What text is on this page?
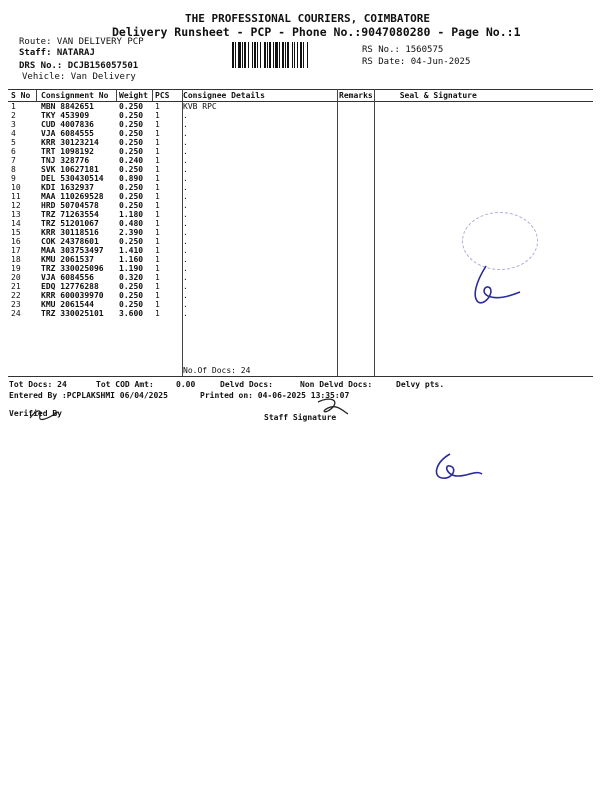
THE PROFESSIONAL COURIERS, COIMBATORE
Delivery Runsheet - PCP - Phone No.:9047080280 - Page No.:1
Route: VAN DELIVERY PCP
Staff: NATARAJ
DRS No.: DCJB156057501
Vehicle: Van Delivery
RS No.: 1560575
RS Date: 04-Jun-2025
S No	Consignment No	Weight	PCS	Consignee Details	Remarks	Seal & Signature
1	MBN 8842651	0.250	1	KVB RPC		
2	TKY 453909	0.250	1	.		
3	CUD 4007836	0.250	1	.		
4	VJA 6084555	0.250	1	.		
5	KRR 30123214	0.250	1	.		
6	TRT 1098192	0.250	1	.		
7	TNJ 328776	0.240	1	.		
8	SVK 10627181	0.250	1	.		
9	DEL 530430514	0.890	1	.		
10	KDI 1632937	0.250	1	.		
11	MAA 110269528	0.250	1	.		
12	HRD 50704578	0.250	1	.		
13	TRZ 71263554	1.180	1	.		
14	TRZ 51201067	0.480	1	.		
15	KRR 30118516	2.390	1	.		
16	COK 24378601	0.250	1	.		
17	MAA 303753497	1.410	1	.		
18	KMU 2061537	1.160	1	.		
19	TRZ 330025096	1.190	1	.		
20	VJA 6084556	0.320	1	.		
21	EDQ 12776288	0.250	1	.		
22	KRR 600039970	0.250	1	.		
23	KMU 2061544	0.250	1	.		
24	TRZ 330025101	3.600	1	.		
No.Of Docs: 24
Tot Docs: 24	Tot COD Amt:	0.00	Delvd Docs:	Non Delvd Docs:	Delvy pts.
Entered By :PCPLAKSHMI 06/04/2025	Printed on: 04-06-2025 13:35:07
Verified By	Staff Signature
